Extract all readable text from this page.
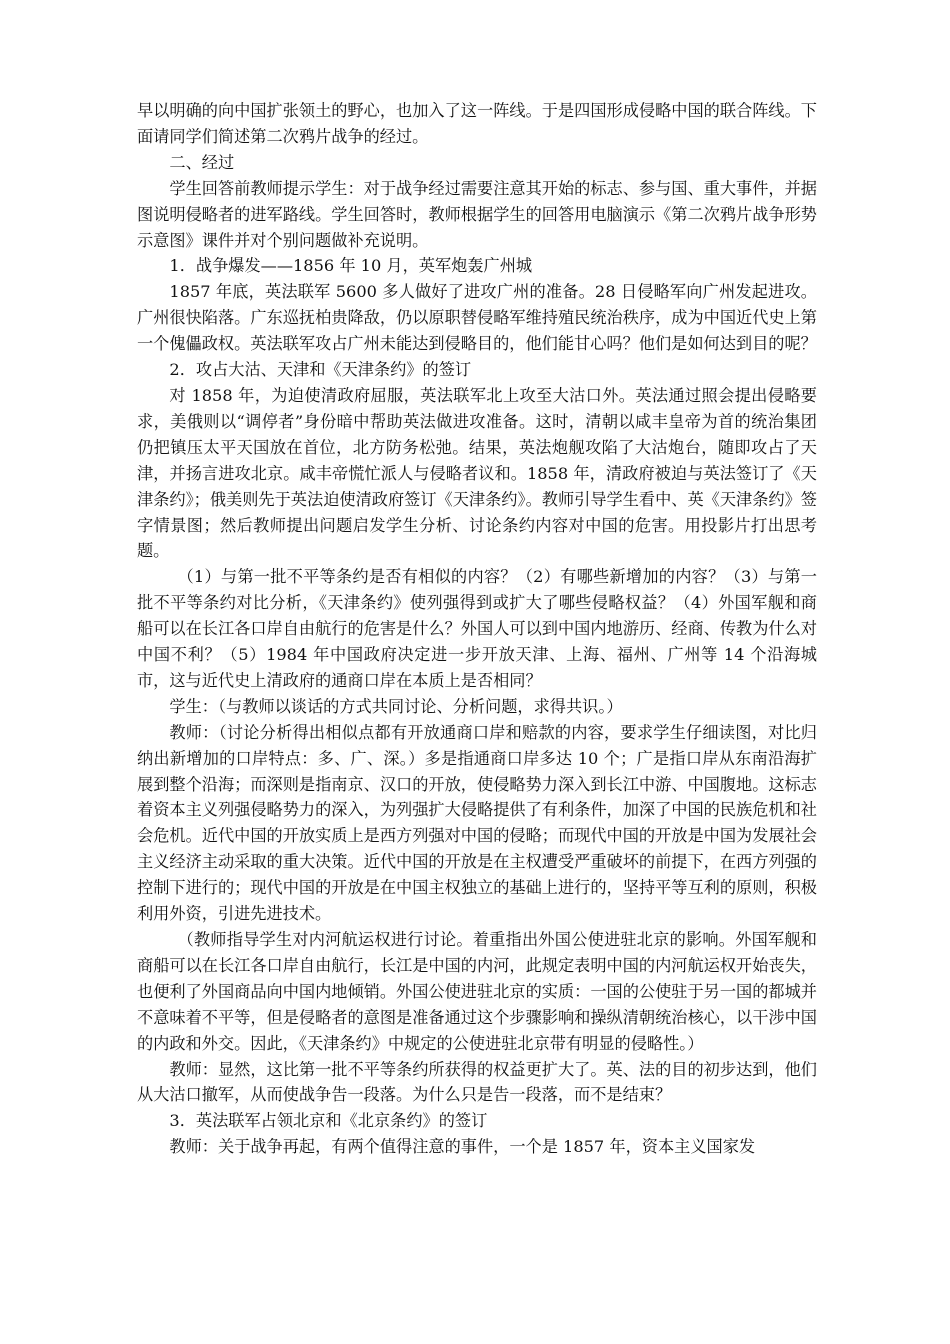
早以明确的向中国扩张领土的野心，也加入了这一阵线。于是四国形成侵略中国的联合阵线。下面请同学们简述第二次鸦片战争的经过。

二、经过

学生回答前教师提示学生：对于战争经过需要注意其开始的标志、参与国、重大事件，并据图说明侵略者的进军路线。学生回答时，教师根据学生的回答用电脑演示《第二次鸦片战争形势示意图》课件并对个别问题做补充说明。

1．战争爆发——1856 年 10 月，英军炮轰广州城

1857 年底，英法联军 5600 多人做好了进攻广州的准备。28 日侵略军向广州发起进攻。广州很快陷落。广东巡抚柏贵降敌，仍以原职替侵略军维持殖民统治秩序，成为中国近代史上第一个傀儡政权。英法联军攻占广州未能达到侵略目的，他们能甘心吗？他们是如何达到目的呢？

2．攻占大沽、天津和《天津条约》的签订

对 1858 年，为迫使清政府屈服，英法联军北上攻至大沽口外。英法通过照会提出侵略要求，美俄则以“调停者”身份暗中帮助英法做进攻准备。这时，清朝以咸丰皇帝为首的统治集团仍把镇压太平天国放在首位，北方防务松弛。结果，英法炮舰攻陷了大沽炮台，随即攻占了天津，并扬言进攻北京。咸丰帝慌忙派人与侵略者议和。1858 年，清政府被迫与英法签订了《天津条约》；俄美则先于英法迫使清政府签订《天津条约》。教师引导学生看中、英《天津条约》签字情景图；然后教师提出问题启发学生分析、讨论条约内容对中国的危害。用投影片打出思考题。

（1）与第一批不平等条约是否有相似的内容？（2）有哪些新增加的内容？（3）与第一批不平等条约对比分析，《天津条约》使列强得到或扩大了哪些侵略权益？（4）外国军舰和商船可以在长江各口岸自由航行的危害是什么？外国人可以到中国内地游历、经商、传教为什么对中国不利？（5）1984 年中国政府决定进一步开放天津、上海、福州、广州等 14 个沿海城市，这与近代史上清政府的通商口岸在本质上是否相同？

学生：（与教师以谈话的方式共同讨论、分析问题，求得共识。）

教师：（讨论分析得出相似点都有开放通商口岸和赔款的内容，要求学生仔细读图，对比归纳出新增加的口岸特点：多、广、深。）多是指通商口岸多达 10 个；广是指口岸从东南沿海扩展到整个沿海；而深则是指南京、汉口的开放，使侵略势力深入到长江中游、中国腹地。这标志着资本主义列强侵略势力的深入，为列强扩大侵略提供了有利条件，加深了中国的民族危机和社会危机。近代中国的开放实质上是西方列强对中国的侵略；而现代中国的开放是中国为发展社会主义经济主动采取的重大决策。近代中国的开放是在主权遭受严重破坏的前提下，在西方列强的控制下进行的；现代中国的开放是在中国主权独立的基础上进行的，坚持平等互利的原则，积极利用外资，引进先进技术。

（教师指导学生对内河航运权进行讨论。着重指出外国公使进驻北京的影响。外国军舰和商船可以在长江各口岸自由航行，长江是中国的内河，此规定表明中国的内河航运权开始丧失，也便利了外国商品向中国内地倾销。外国公使进驻北京的实质：一国的公使驻于另一国的都城并不意味着不平等，但是侵略者的意图是准备通过这个步骤影响和操纵清朝统治核心，以干涉中国的内政和外交。因此，《天津条约》中规定的公使进驻北京带有明显的侵略性。）

教师：显然，这比第一批不平等条约所获得的权益更扩大了。英、法的目的初步达到，他们从大沽口撤军，从而使战争告一段落。为什么只是告一段落，而不是结束？

3．英法联军占领北京和《北京条约》的签订

教师：关于战争再起，有两个值得注意的事件，一个是 1857 年，资本主义国家发
